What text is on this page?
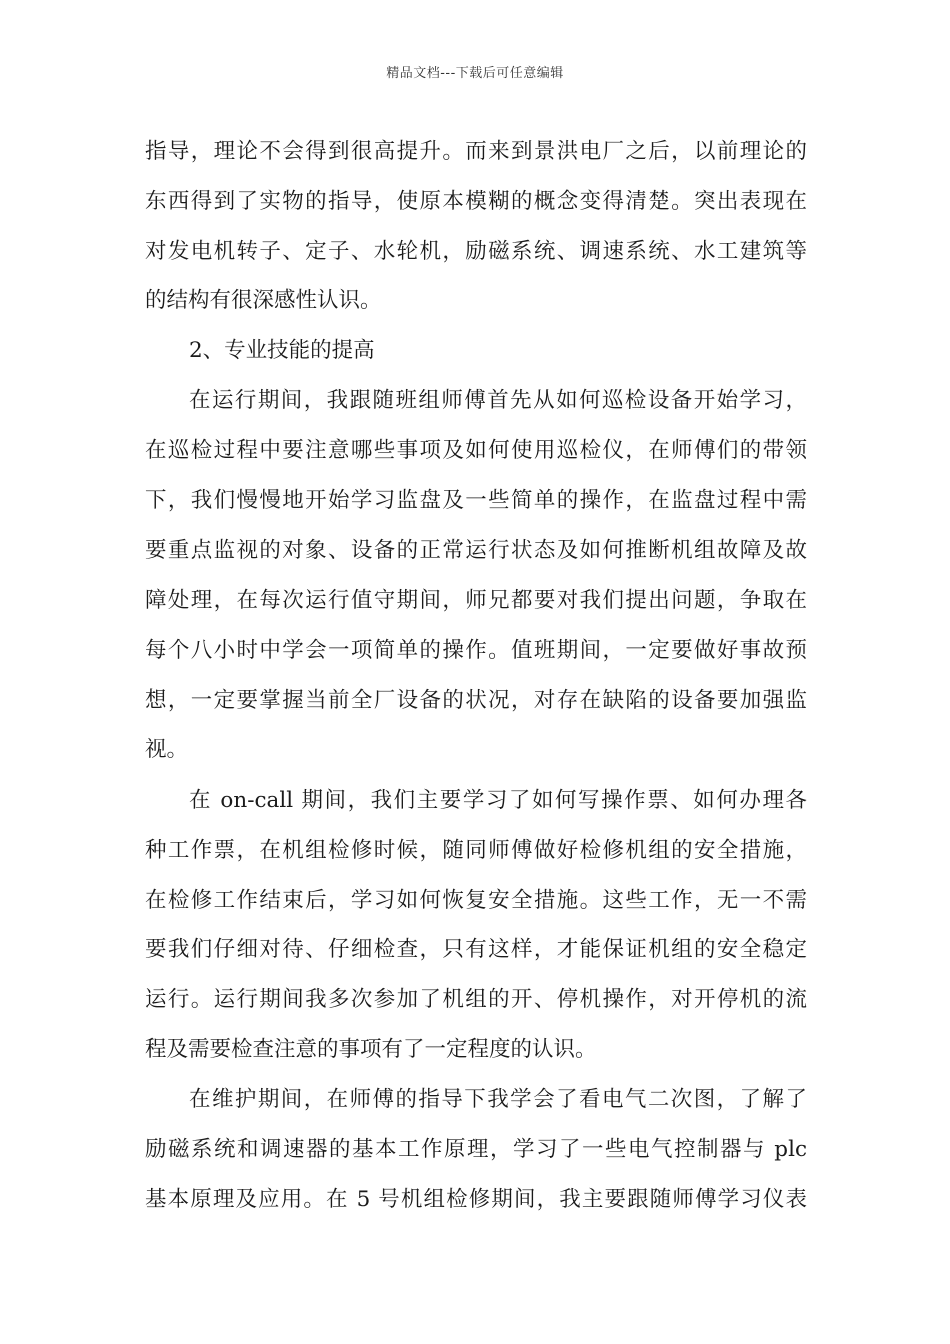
精品文档---下载后可任意编辑
指导，理论不会得到很高提升。而来到景洪电厂之后，以前理论的
东西得到了实物的指导，使原本模糊的概念变得清楚。突出表现在
对发电机转子、定子、水轮机，励磁系统、调速系统、水工建筑等
的结构有很深感性认识。
2、专业技能的提高
在运行期间，我跟随班组师傅首先从如何巡检设备开始学习，
在巡检过程中要注意哪些事项及如何使用巡检仪，在师傅们的带领
下，我们慢慢地开始学习监盘及一些简单的操作，在监盘过程中需
要重点监视的对象、设备的正常运行状态及如何推断机组故障及故
障处理，在每次运行值守期间，师兄都要对我们提出问题，争取在
每个八小时中学会一项简单的操作。值班期间，一定要做好事故预
想，一定要掌握当前全厂设备的状况，对存在缺陷的设备要加强监
视。
在 on-call 期间，我们主要学习了如何写操作票、如何办理各
种工作票，在机组检修时候，随同师傅做好检修机组的安全措施，
在检修工作结束后，学习如何恢复安全措施。这些工作，无一不需
要我们仔细对待、仔细检查，只有这样，才能保证机组的安全稳定
运行。运行期间我多次参加了机组的开、停机操作，对开停机的流
程及需要检查注意的事项有了一定程度的认识。
在维护期间，在师傅的指导下我学会了看电气二次图，了解了
励磁系统和调速器的基本工作原理，学习了一些电气控制器与 plc
基本原理及应用。在 5 号机组检修期间，我主要跟随师傅学习仪表
